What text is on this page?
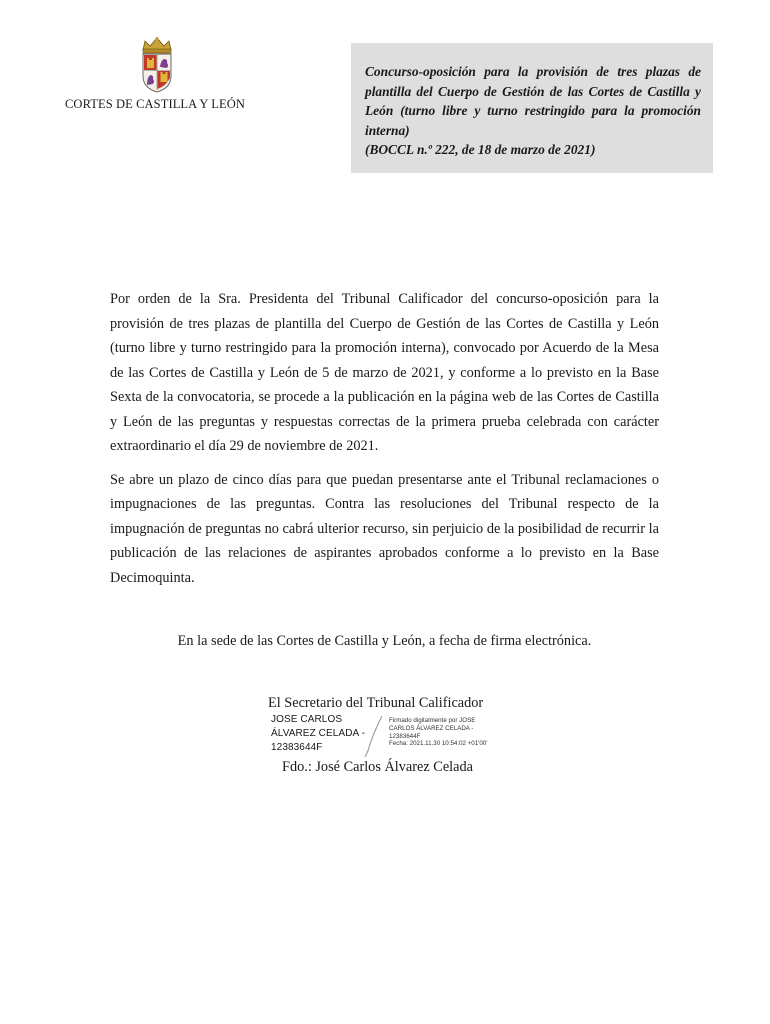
CORTES DE CASTILLA Y LEÓN

Concurso-oposición para la provisión de tres plazas de plantilla del Cuerpo de Gestión de las Cortes de Castilla y León (turno libre y turno restringido para la promoción interna)

(BOCCL n.º 222, de 18 de marzo de 2021)

Por orden de la Sra. Presidenta del Tribunal Calificador del concurso-oposición para la provisión de tres plazas de plantilla del Cuerpo de Gestión de las Cortes de Castilla y León (turno libre y turno restringido para la promoción interna), convocado por Acuerdo de la Mesa de las Cortes de Castilla y León de 5 de marzo de 2021, y conforme a lo previsto en la Base Sexta de la convocatoria, se procede a la publicación en la página web de las Cortes de Castilla y León de las preguntas y respuestas correctas de la primera prueba celebrada con carácter extraordinario el día 29 de noviembre de 2021.

Se abre un plazo de cinco días para que puedan presentarse ante el Tribunal reclamaciones o impugnaciones de las preguntas. Contra las resoluciones del Tribunal respecto de la impugnación de preguntas no cabrá ulterior recurso, sin perjuicio de la posibilidad de recurrir la publicación de las relaciones de aspirantes aprobados conforme a lo previsto en la Base Decimoquinta.

En la sede de las Cortes de Castilla y León, a fecha de firma electrónica.
El Secretario del Tribunal Calificador
JOSE CARLOS
ÁLVAREZ CELADA -
12383644F
Firmado digitalmente por JOSE
CARLOS ÁLVAREZ CELADA -
12383644F
Fecha: 2021.11.30 10:54:02 +01'00'
Fdo.: José Carlos Álvarez Celada
